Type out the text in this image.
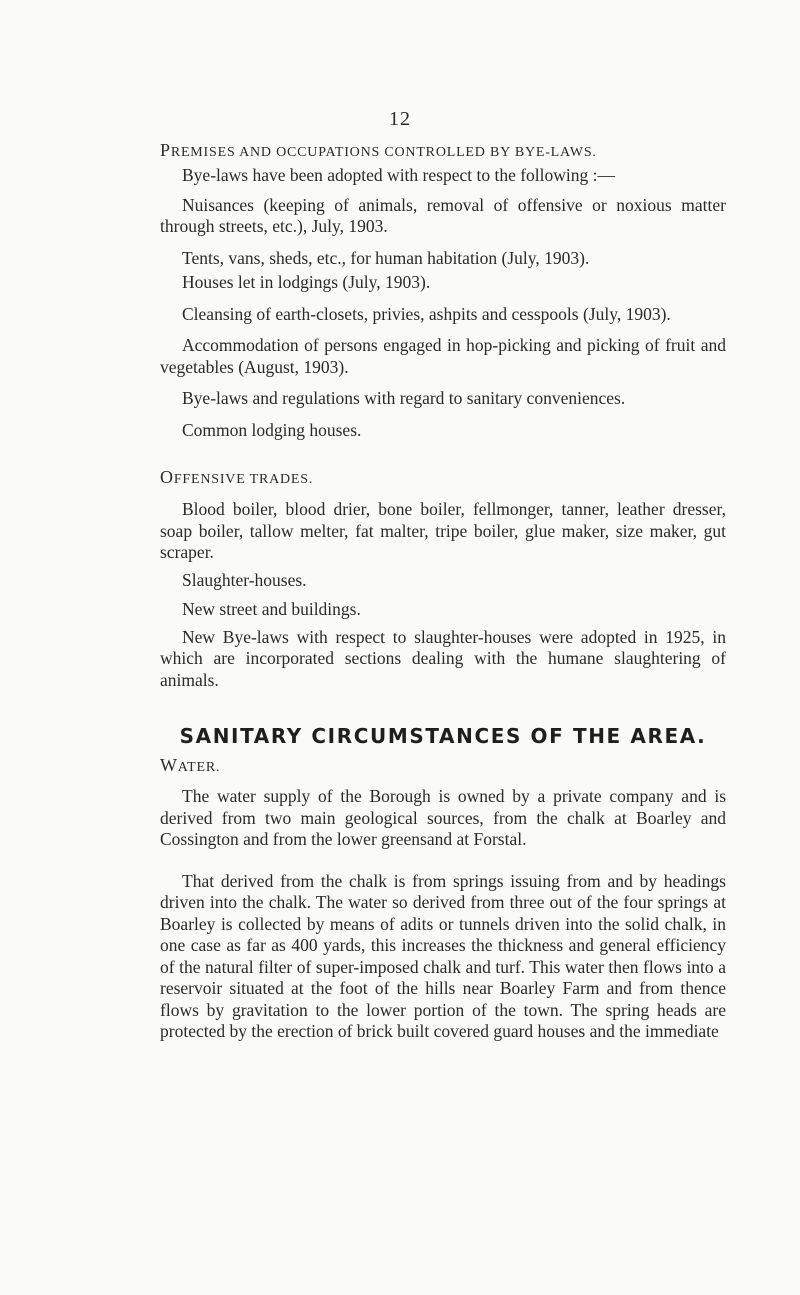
12

PREMISES AND OCCUPATIONS CONTROLLED BY BYE-LAWS.

Bye-laws have been adopted with respect to the following :—

Nuisances (keeping of animals, removal of offensive or noxious matter through streets, etc.), July, 1903.

Tents, vans, sheds, etc., for human habitation (July, 1903).

Houses let in lodgings (July, 1903).

Cleansing of earth-closets, privies, ashpits and cesspools (July, 1903).

Accommodation of persons engaged in hop-picking and picking of fruit and vegetables (August, 1903).

Bye-laws and regulations with regard to sanitary conveniences.

Common lodging houses.

OFFENSIVE TRADES.

Blood boiler, blood drier, bone boiler, fellmonger, tanner, leather dresser, soap boiler, tallow melter, fat malter, tripe boiler, glue maker, size maker, gut scraper.

Slaughter-houses.

New street and buildings.

New Bye-laws with respect to slaughter-houses were adopted in 1925, in which are incorporated sections dealing with the humane slaughtering of animals.

SANITARY CIRCUMSTANCES OF THE AREA.

WATER.

The water supply of the Borough is owned by a private company and is derived from two main geological sources, from the chalk at Boarley and Cossington and from the lower greensand at Forstal.

That derived from the chalk is from springs issuing from and by headings driven into the chalk. The water so derived from three out of the four springs at Boarley is collected by means of adits or tunnels driven into the solid chalk, in one case as far as 400 yards, this increases the thickness and general efficiency of the natural filter of super-imposed chalk and turf. This water then flows into a reservoir situated at the foot of the hills near Boarley Farm and from thence flows by gravitation to the lower portion of the town. The spring heads are protected by the erection of brick built covered guard houses and the immediate
